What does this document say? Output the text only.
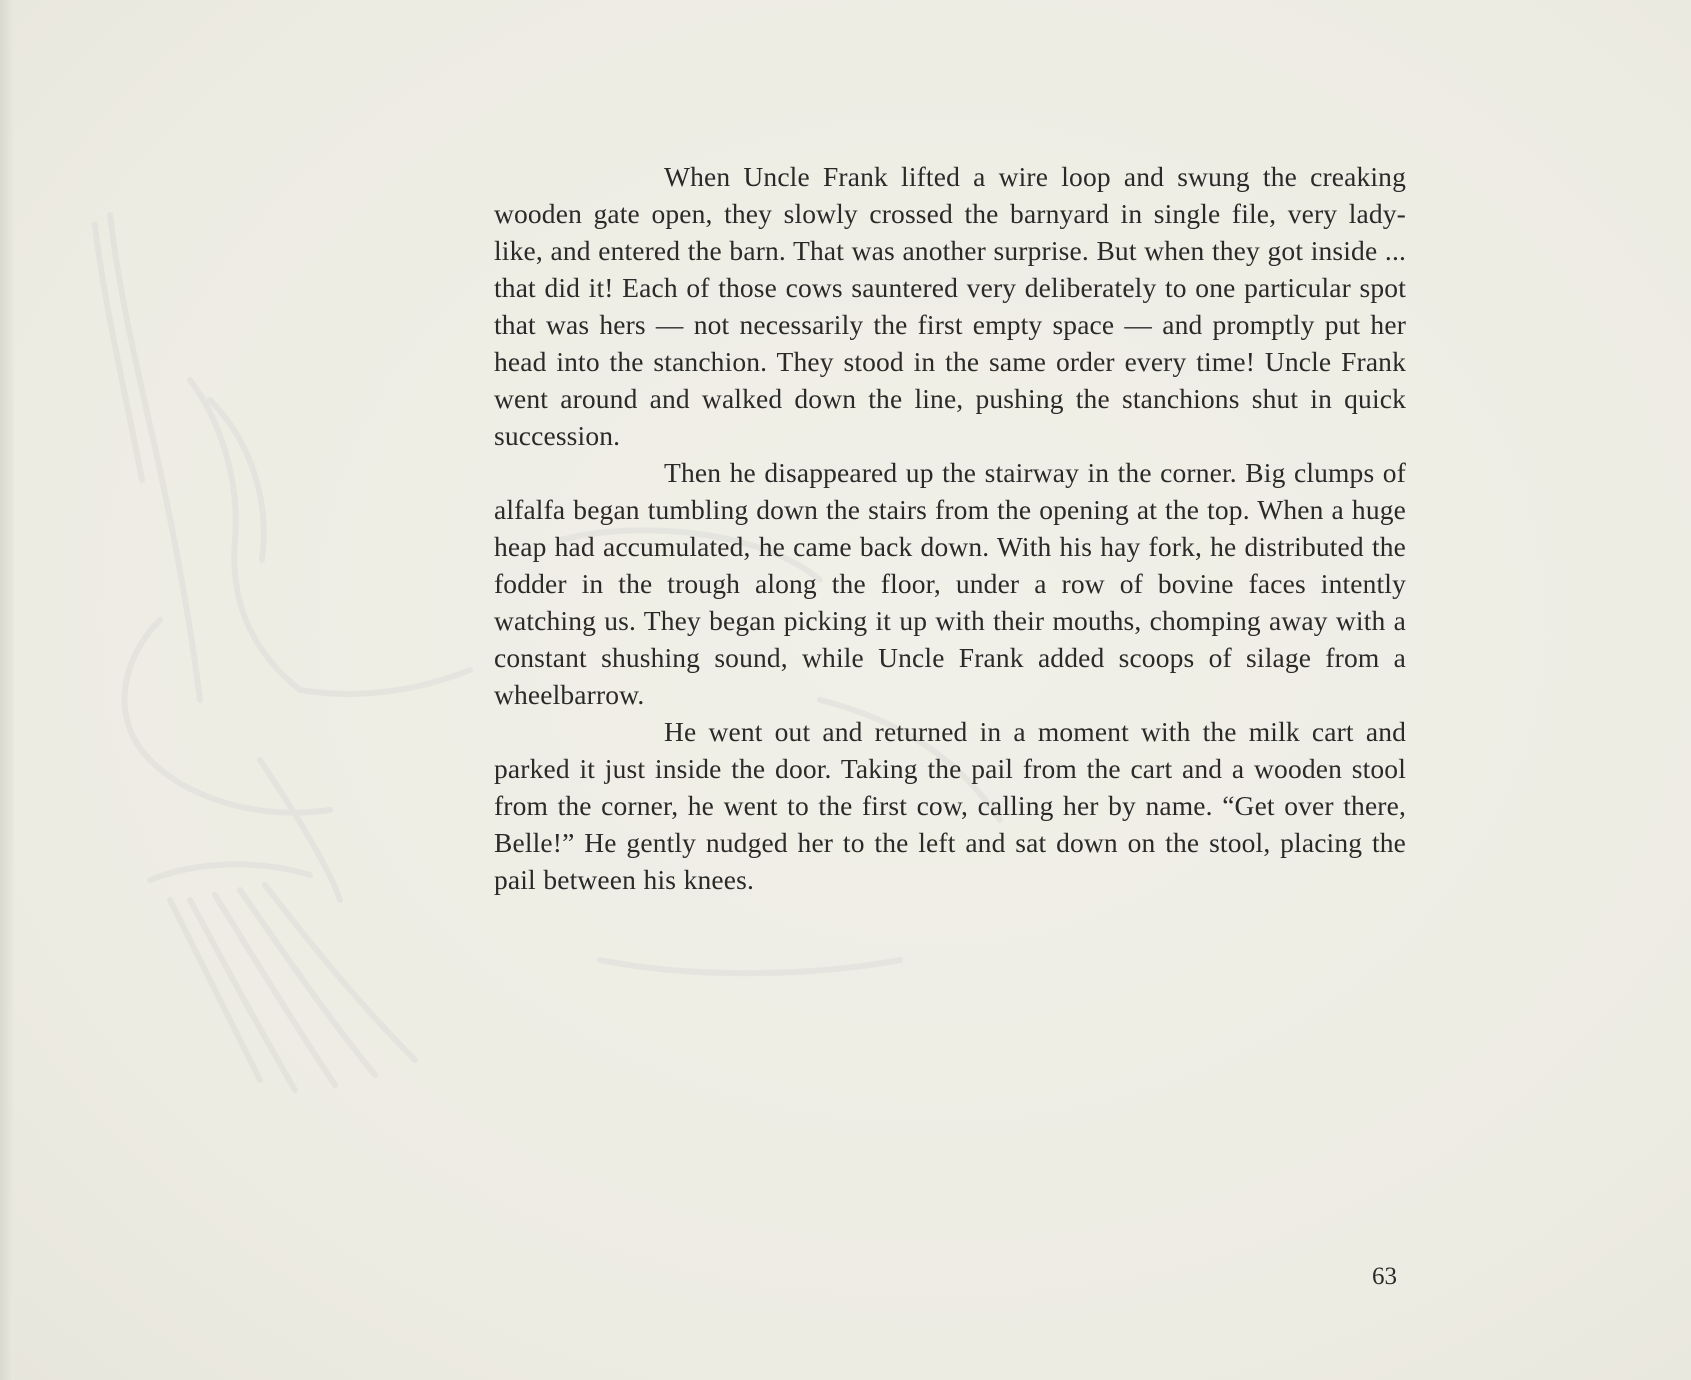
When Uncle Frank lifted a wire loop and swung the creaking wooden gate open, they slowly crossed the barnyard in single file, very lady-like, and entered the barn. That was another surprise. But when they got inside ... that did it! Each of those cows sauntered very deliberately to one particular spot that was hers — not necessarily the first empty space — and promptly put her head into the stanchion. They stood in the same order every time! Uncle Frank went around and walked down the line, pushing the stanchions shut in quick succession.

Then he disappeared up the stairway in the corner. Big clumps of alfalfa began tumbling down the stairs from the opening at the top. When a huge heap had accumulated, he came back down. With his hay fork, he distributed the fodder in the trough along the floor, under a row of bovine faces intently watching us. They began picking it up with their mouths, chomping away with a constant shushing sound, while Uncle Frank added scoops of silage from a wheelbarrow.

He went out and returned in a moment with the milk cart and parked it just inside the door. Taking the pail from the cart and a wooden stool from the corner, he went to the first cow, calling her by name. “Get over there, Belle!” He gently nudged her to the left and sat down on the stool, placing the pail between his knees.

63
